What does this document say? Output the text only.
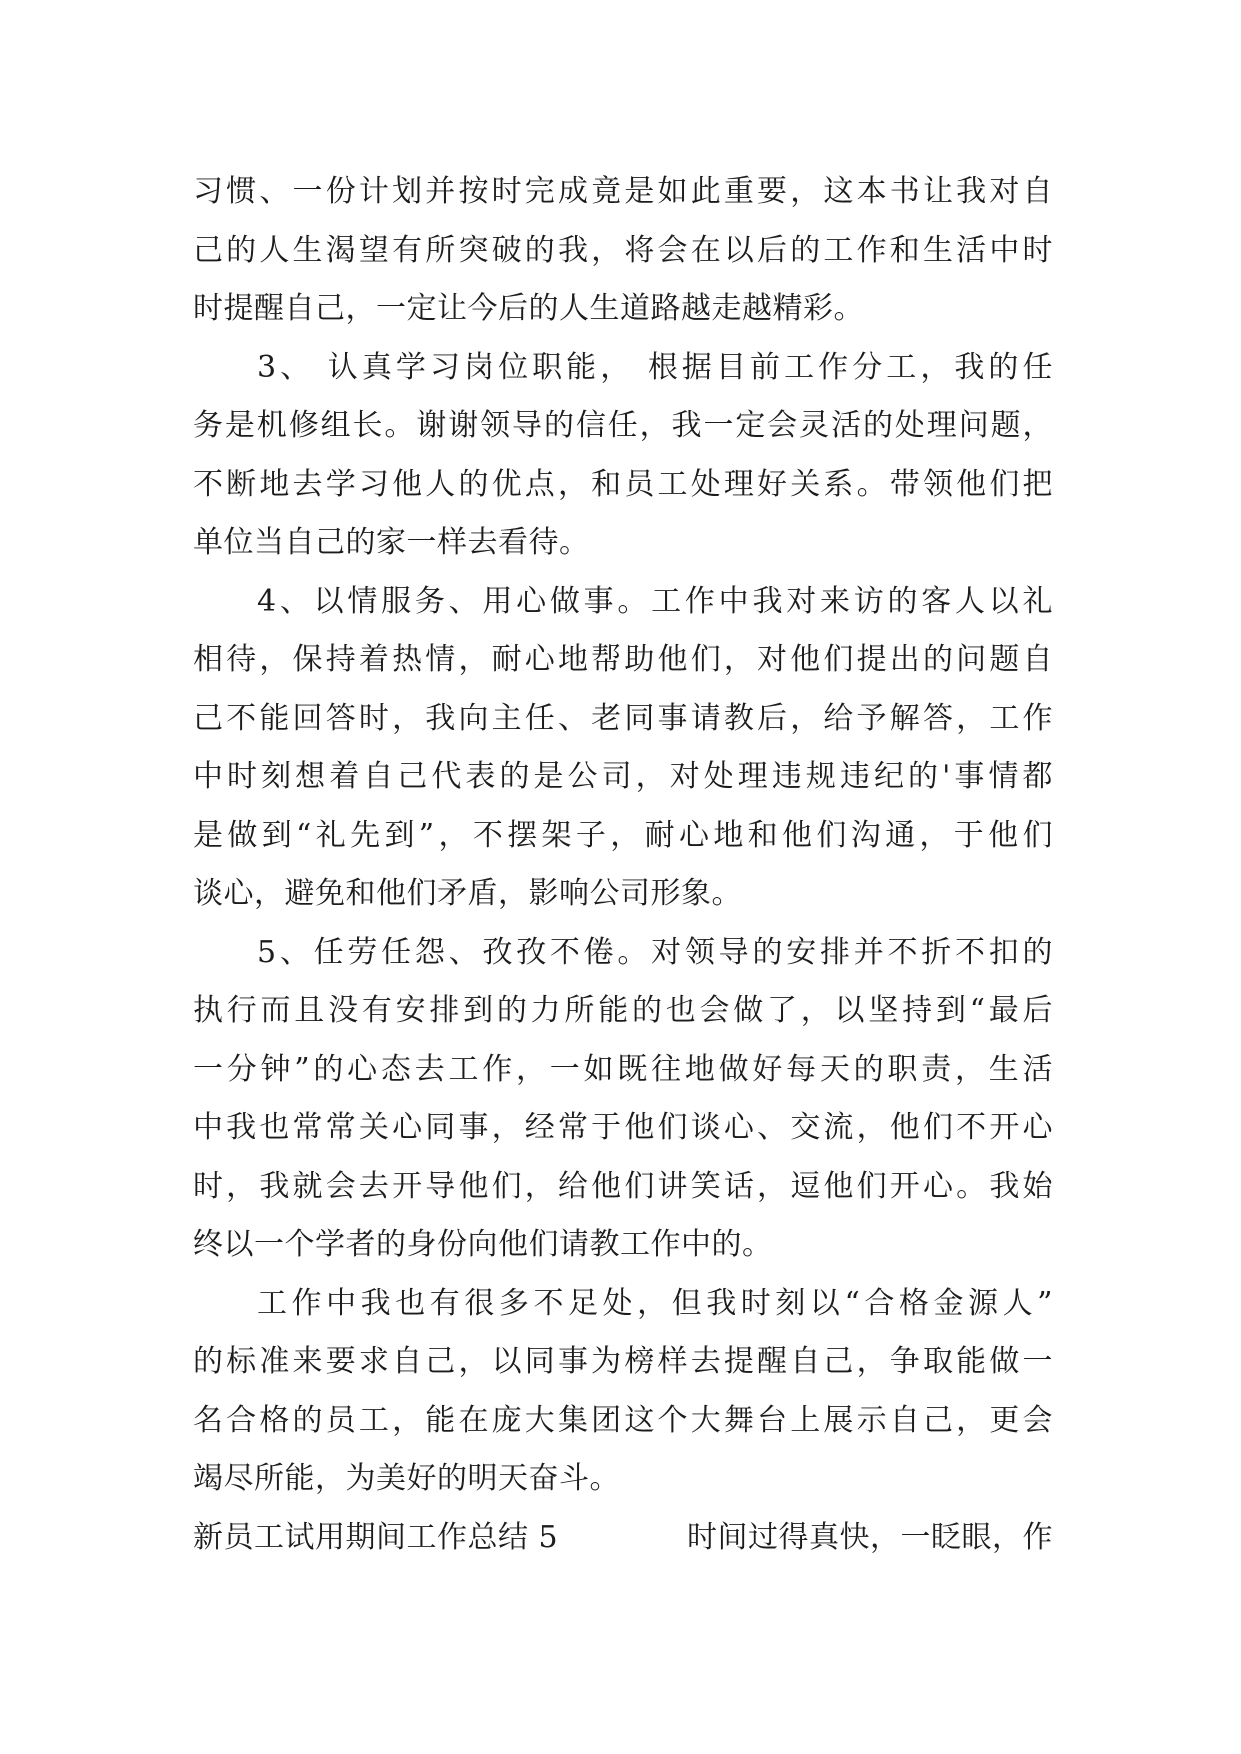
习惯、一份计划并按时完成竟是如此重要，这本书让我对自
己的人生渴望有所突破的我，将会在以后的工作和生活中时
时提醒自己，一定让今后的人生道路越走越精彩。
3、 认真学习岗位职能， 根据目前工作分工，我的任
务是机修组长。谢谢领导的信任，我一定会灵活的处理问题，
不断地去学习他人的优点，和员工处理好关系。带领他们把
单位当自己的家一样去看待。
4、以情服务、用心做事。工作中我对来访的客人以礼
相待，保持着热情，耐心地帮助他们，对他们提出的问题自
己不能回答时，我向主任、老同事请教后，给予解答，工作
中时刻想着自己代表的是公司，对处理违规违纪的'事情都
是做到“礼先到”，不摆架子，耐心地和他们沟通，于他们
谈心，避免和他们矛盾，影响公司形象。
5、任劳任怨、孜孜不倦。对领导的安排并不折不扣的
执行而且没有安排到的力所能的也会做了，以坚持到“最后
一分钟”的心态去工作，一如既往地做好每天的职责，生活
中我也常常关心同事，经常于他们谈心、交流，他们不开心
时，我就会去开导他们，给他们讲笑话，逗他们开心。我始
终以一个学者的身份向他们请教工作中的。
工作中我也有很多不足处，但我时刻以“合格金源人”
的标准来要求自己，以同事为榜样去提醒自己，争取能做一
名合格的员工，能在庞大集团这个大舞台上展示自己，更会
竭尽所能，为美好的明天奋斗。
新员工试用期间工作总结 5	时间过得真快，一眨眼，作
